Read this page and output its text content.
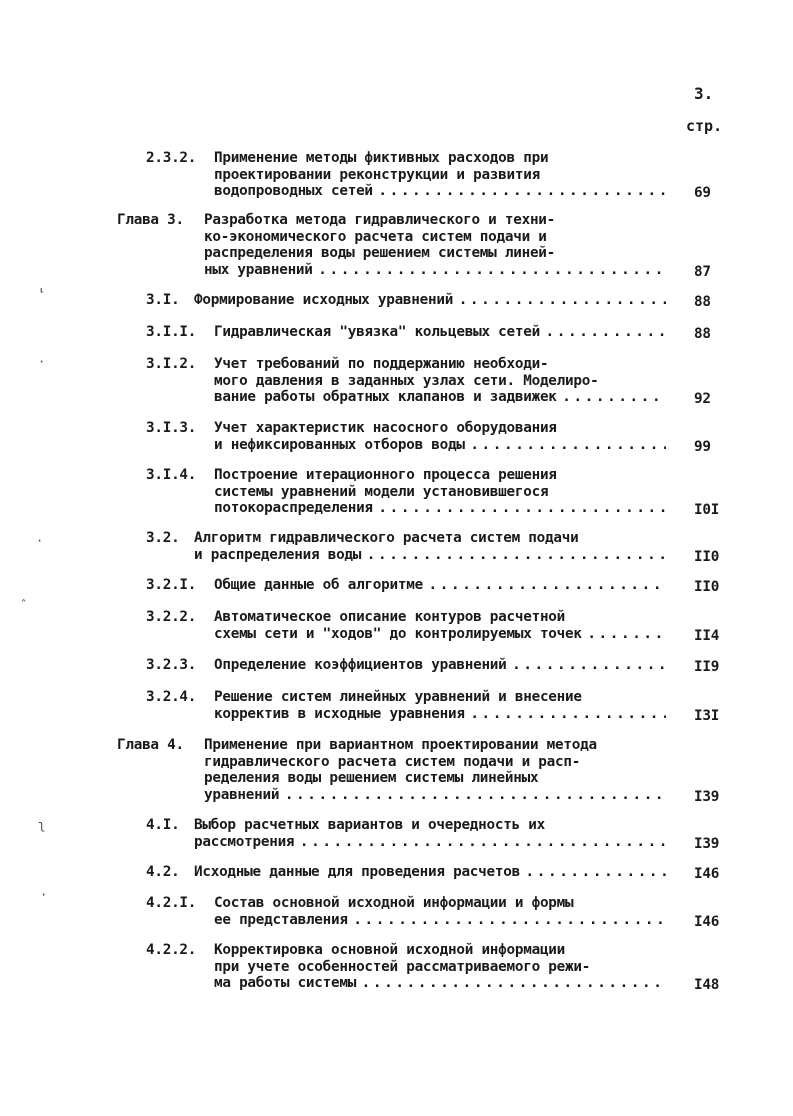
3.
стр.
2.3.2. Применение методы фиктивных расходов при
проектировании реконструкции и развития
водопроводных сетей . . .	69
Глава 3. Разработка метода гидравлического и техни-
ко-экономического расчета систем подачи и
распределения воды решением системы линей-
ных уравнений . . .	87
3.I. Формирование исходных уравнений . . .	88
3.I.I. Гидравлическая "увязка" кольцевых сетей . . .	88
3.I.2. Учет требований по поддержанию необходи-
мого давления в заданных узлах сети. Моделиро-
вание работы обратных клапанов и задвижек . . .	92
3.I.3. Учет характеристик насосного оборудования
и нефиксированных отборов воды . . .	99
3.I.4. Построение итерационного процесса решения
системы уравнений модели установившегося
потокораспределения . . .	I0I
3.2. Алгоритм гидравлического расчета систем подачи
и распределения воды . . .	II0
3.2.I. Общие данные об алгоритме . . .	II0
3.2.2. Автоматическое описание контуров расчетной
схемы сети и "ходов" до контролируемых точек . . .	II4
3.2.3. Определение коэффициентов уравнений . . .	II9
3.2.4. Решение систем линейных уравнений и внесение
корректив в исходные уравнения . . .	I3I
Глава 4. Применение при вариантном проектировании метода
гидравлического расчета систем подачи и расп-
ределения воды решением системы линейных
уравнений . . .	I39
4.I. Выбор расчетных вариантов и очередность их
рассмотрения . . .	I39
4.2. Исходные данные для проведения расчетов . . .	I46
4.2.I. Состав основной исходной информации и формы
ее представления . . .	I46
4.2.2. Корректировка основной исходной информации
при учете особенностей рассматриваемого режи-
ма работы системы . . .	I48
⸤
·
·
ˆ
ʅ
·
